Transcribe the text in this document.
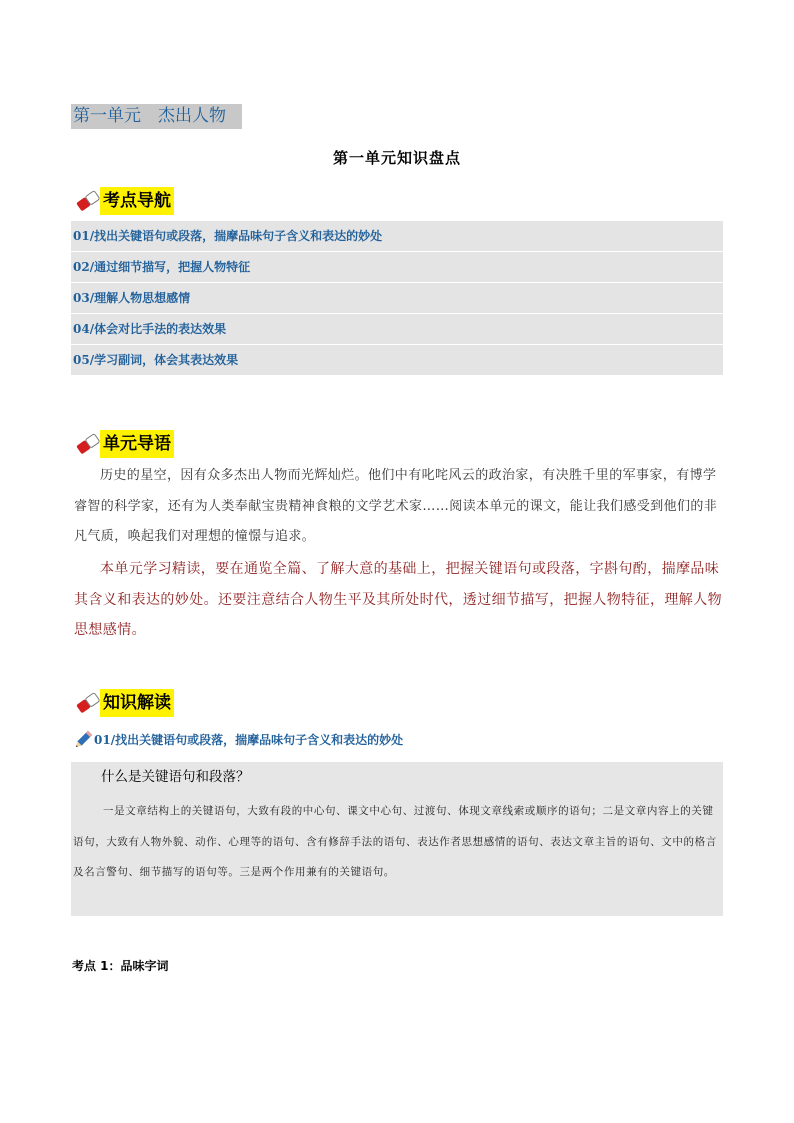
第一单元　杰出人物
第一单元知识盘点
考点导航
01/找出关键语句或段落，揣摩品味句子含义和表达的妙处
02/通过细节描写，把握人物特征
03/理解人物思想感情
04/体会对比手法的表达效果
05/学习副词，体会其表达效果
单元导语

历史的星空，因有众多杰出人物而光辉灿烂。他们中有叱咤风云的政治家，有决胜千里的军事家，有博学睿智的科学家，还有为人类奉献宝贵精神食粮的文学艺术家……阅读本单元的课文，能让我们感受到他们的非凡气质，唤起我们对理想的憧憬与追求。

本单元学习精读，要在通览全篇、了解大意的基础上，把握关键语句或段落，字斟句酌，揣摩品味其含义和表达的妙处。还要注意结合人物生平及其所处时代，透过细节描写，把握人物特征，理解人物思想感情。

知识解读
01/找出关键语句或段落，揣摩品味句子含义和表达的妙处
什么是关键语句和段落？

一是文章结构上的关键语句，大致有段的中心句、课文中心句、过渡句、体现文章线索或顺序的语句；二是文章内容上的关键语句，大致有人物外貌、动作、心理等的语句、含有修辞手法的语句、表达作者思想感情的语句、表达文章主旨的语句、文中的格言及名言警句、细节描写的语句等。三是两个作用兼有的关键语句。

考点 1：品味字词
